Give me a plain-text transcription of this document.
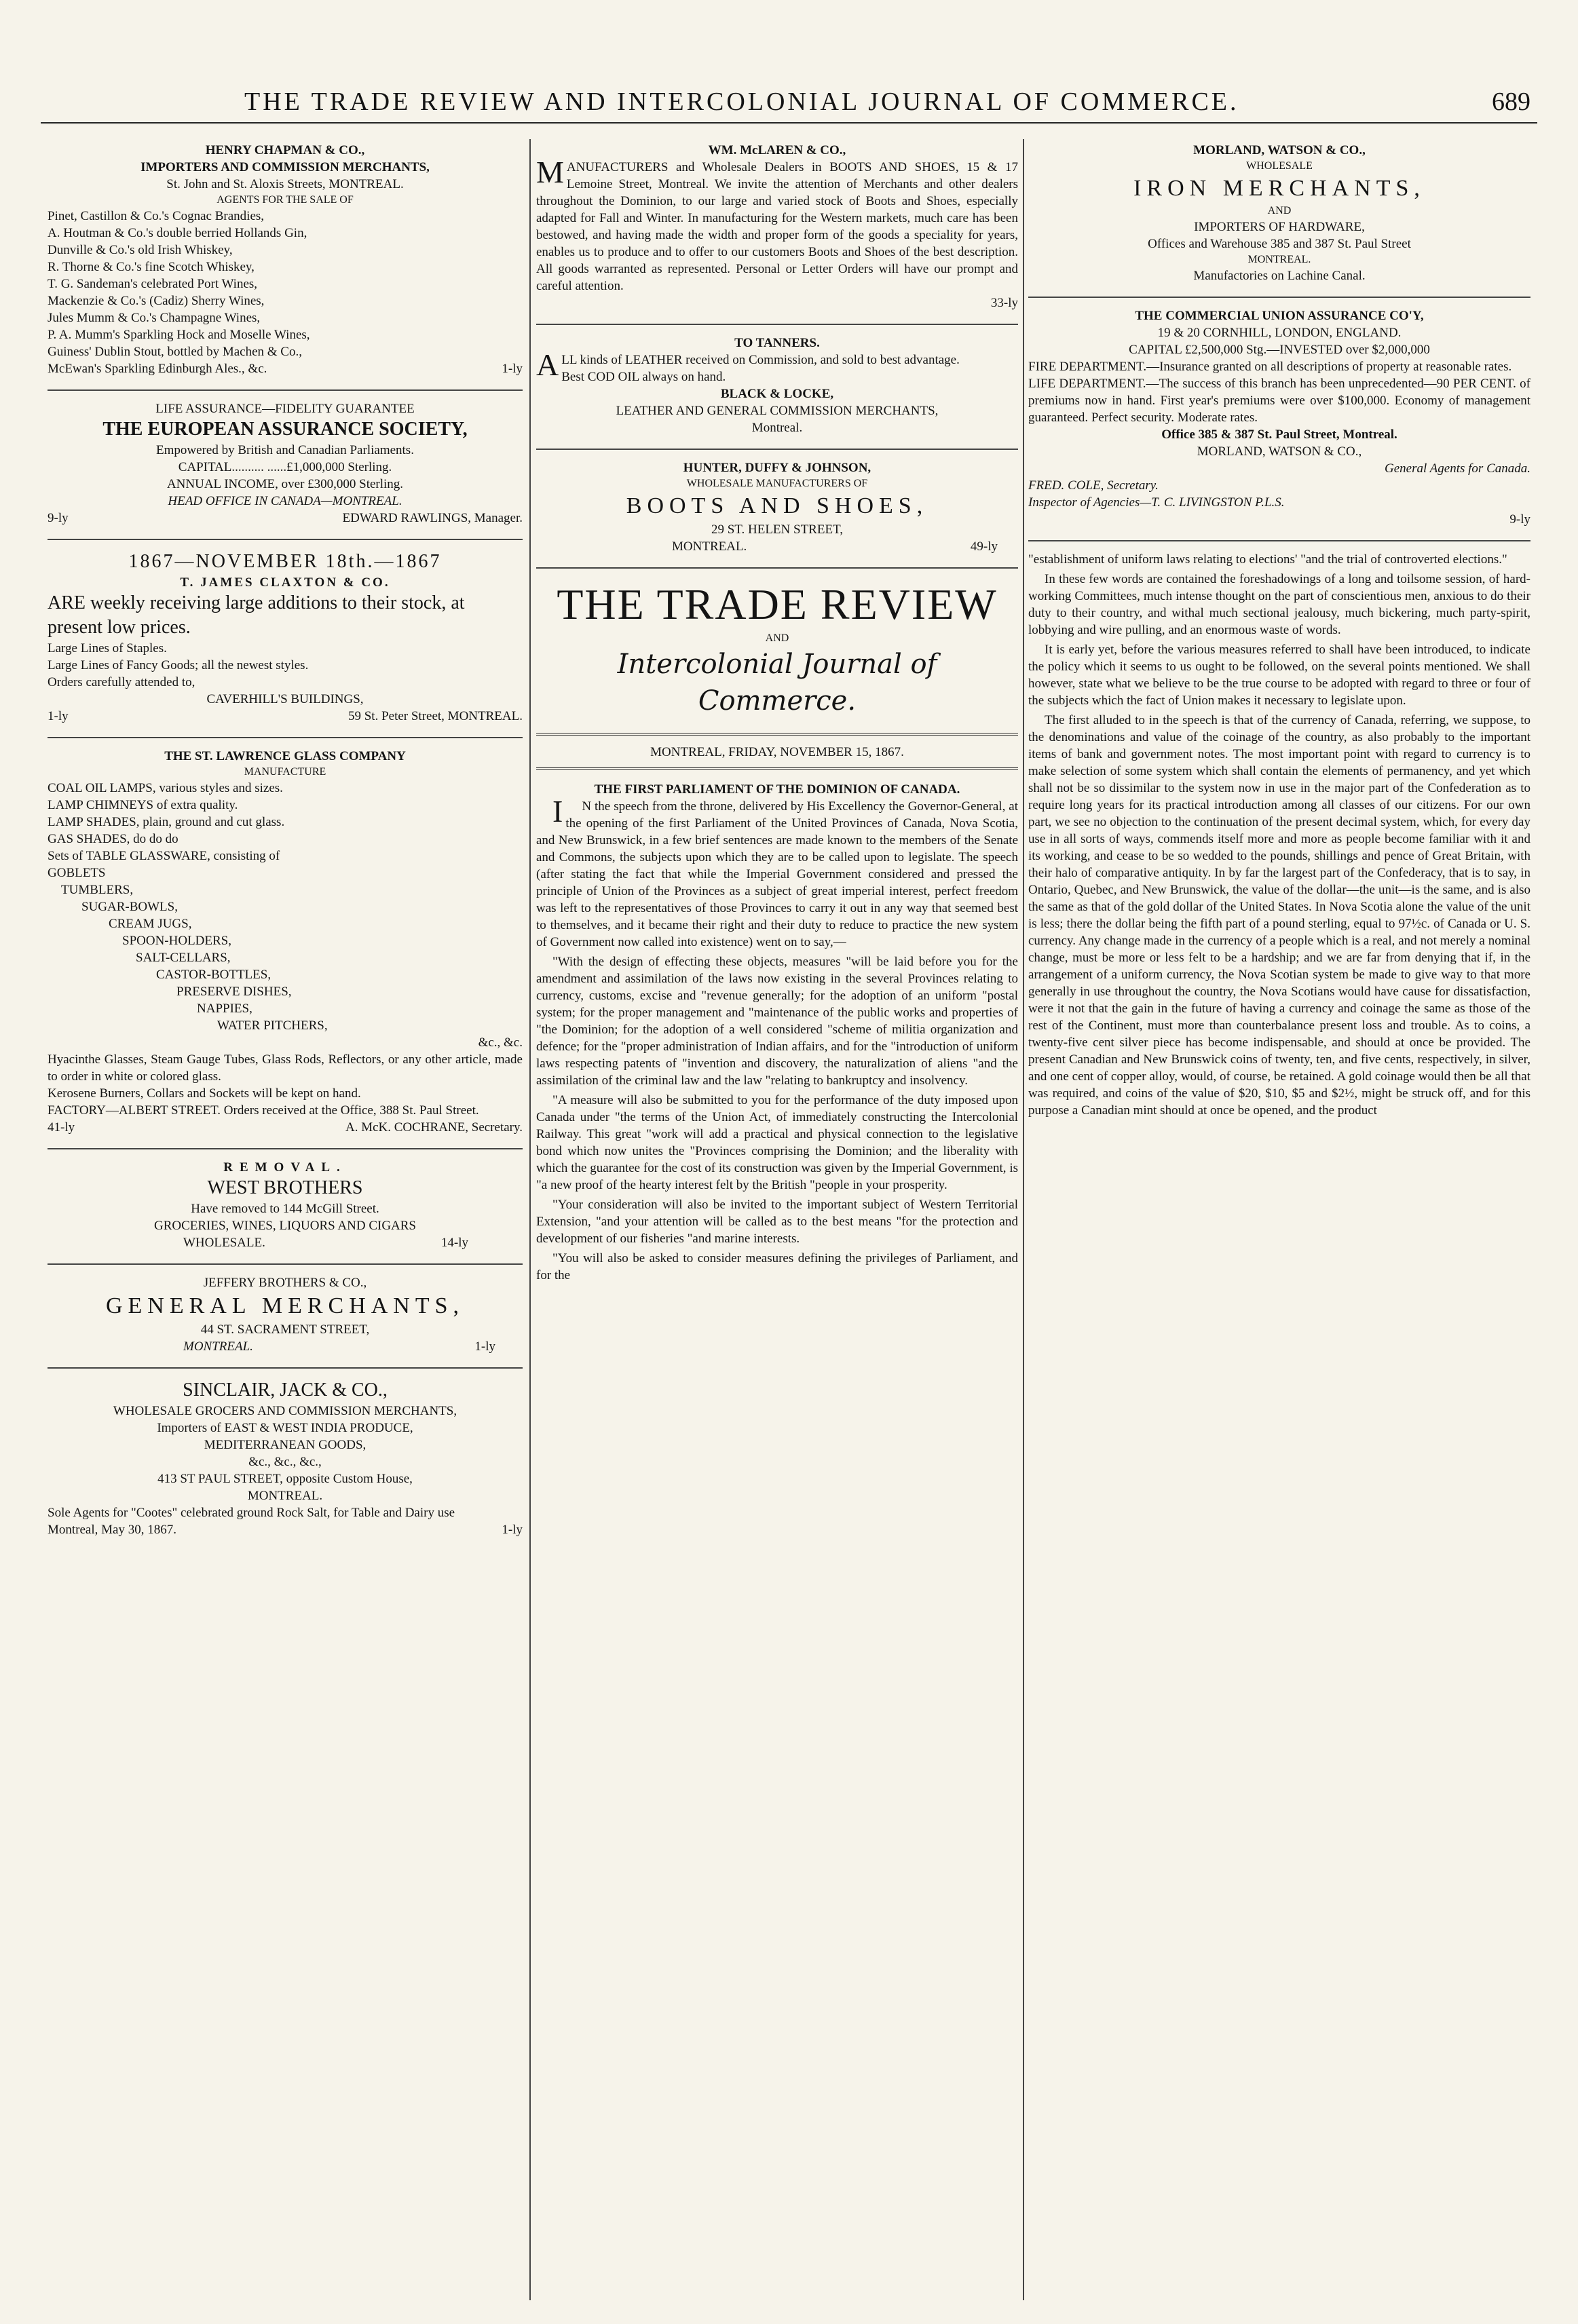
THE TRADE REVIEW AND INTERCOLONIAL JOURNAL OF COMMERCE.	689
HENRY CHAPMAN & CO.,
IMPORTERS AND COMMISSION MERCHANTS,
St. John and St. Aloxis Streets, MONTREAL.
AGENTS FOR THE SALE OF
Pinet, Castillon & Co.'s Cognac Brandies,
A. Houtman & Co.'s double berried Hollands Gin,
Dunville & Co.'s old Irish Whiskey,
R. Thorne & Co.'s fine Scotch Whiskey,
T. G. Sandeman's celebrated Port Wines,
Mackenzie & Co.'s (Cadiz) Sherry Wines,
Jules Mumm & Co.'s Champagne Wines,
P. A. Mumm's Sparkling Hock and Moselle Wines,
Guiness' Dublin Stout, bottled by Machen & Co.,
McEwan's Sparkling Edinburgh Ales., &c.	1-ly
LIFE ASSURANCE—FIDELITY GUARANTEE
THE EUROPEAN ASSURANCE SOCIETY,
Empowered by British and Canadian Parliaments.
CAPITAL.......... ......£1,000,000 Sterling.
ANNUAL INCOME, over £300,000 Sterling.
HEAD OFFICE IN CANADA—MONTREAL.
9-ly	EDWARD RAWLINGS, Manager.
1867—NOVEMBER 18th.—1867
T. JAMES CLAXTON & CO.
ARE weekly receiving large additions to their stock, at present low prices.
Large Lines of Staples.
Large Lines of Fancy Goods; all the newest styles.
Orders carefully attended to,
CAVERHILL'S BUILDINGS,
1-ly	59 St. Peter Street, MONTREAL.
THE ST. LAWRENCE GLASS COMPANY
MANUFACTURE
COAL OIL LAMPS, various styles and sizes.
LAMP CHIMNEYS of extra quality.
LAMP SHADES, plain, ground and cut glass.
GAS SHADES, do do do
Sets of TABLE GLASSWARE, consisting of
GOBLETS
TUMBLERS,
SUGAR-BOWLS,
CREAM JUGS,
SPOON-HOLDERS,
SALT-CELLARS,
CASTOR-BOTTLES,
PRESERVE DISHES,
NAPPIES,
WATER PITCHERS,
&c., &c.
Hyacinthe Glasses, Steam Gauge Tubes, Glass Rods, Reflectors, or any other article, made to order in white or colored glass.
Kerosene Burners, Collars and Sockets will be kept on hand.
FACTORY—ALBERT STREET. Orders received at the Office, 388 St. Paul Street.
41-ly	A. McK. COCHRANE, Secretary.
REMOVAL.
WEST BROTHERS
Have removed to 144 McGill Street.
GROCERIES, WINES, LIQUORS AND CIGARS
WHOLESALE.	14-ly
JEFFERY BROTHERS & CO.,
GENERAL MERCHANTS,
44 ST. SACRAMENT STREET,
MONTREAL.	1-ly
SINCLAIR, JACK & CO.,
WHOLESALE GROCERS AND COMMISSION MERCHANTS,
Importers of EAST & WEST INDIA PRODUCE,
MEDITERRANEAN GOODS,
&c., &c., &c.,
413 ST PAUL STREET, opposite Custom House,
MONTREAL.
Sole Agents for "Cootes" celebrated ground Rock Salt, for Table and Dairy use
Montreal, May 30, 1867.	1-ly
WM. McLAREN & CO.,
MANUFACTURERS and Wholesale Dealers in BOOTS AND SHOES, 15 & 17 Lemoine Street, Montreal. We invite the attention of Merchants and other dealers throughout the Dominion, to our large and varied stock of Boots and Shoes, especially adapted for Fall and Winter. In manufacturing for the Western markets, much care has been bestowed, and having made the width and proper form of the goods a speciality for years, enables us to produce and to offer to our customers Boots and Shoes of the best description. All goods warranted as represented. Personal or Letter Orders will have our prompt and careful attention.
33-ly
TO TANNERS.
ALL kinds of LEATHER received on Commission, and sold to best advantage.
Best COD OIL always on hand.
BLACK & LOCKE,
LEATHER AND GENERAL COMMISSION MERCHANTS,
Montreal.
HUNTER, DUFFY & JOHNSON,
WHOLESALE MANUFACTURERS OF
BOOTS AND SHOES,
29 ST. HELEN STREET,
MONTREAL.	49-ly
THE TRADE REVIEW
AND
Intercolonial Journal of Commerce.
MONTREAL, FRIDAY, NOVEMBER 15, 1867.
THE FIRST PARLIAMENT OF THE DOMINION OF CANADA.

IN the speech from the throne, delivered by His Excellency the Governor-General, at the opening of the first Parliament of the United Provinces of Canada, Nova Scotia, and New Brunswick, in a few brief sentences are made known to the members of the Senate and Commons, the subjects upon which they are to be called upon to legislate. The speech (after stating the fact that while the Imperial Government considered and pressed the principle of Union of the Provinces as a subject of great imperial interest, perfect freedom was left to the representatives of those Provinces to carry it out in any way that seemed best to themselves, and it became their right and their duty to reduce to practice the new system of Government now called into existence) went on to say,—

"With the design of effecting these objects, measures "will be laid before you for the amendment and assimilation of the laws now existing in the several Provinces relating to currency, customs, excise and "revenue generally; for the adoption of an uniform "postal system; for the proper management and "maintenance of the public works and properties of "the Dominion; for the adoption of a well considered "scheme of militia organization and defence; for the "proper administration of Indian affairs, and for the "introduction of uniform laws respecting patents of "invention and discovery, the naturalization of aliens "and the assimilation of the criminal law and the law "relating to bankruptcy and insolvency.

"A measure will also be submitted to you for the performance of the duty imposed upon Canada under "the terms of the Union Act, of immediately constructing the Intercolonial Railway. This great "work will add a practical and physical connection to the legislative bond which now unites the "Provinces comprising the Dominion; and the liberality with which the guarantee for the cost of its construction was given by the Imperial Government, is "a new proof of the hearty interest felt by the British "people in your prosperity.

"Your consideration will also be invited to the important subject of Western Territorial Extension, "and your attention will be called as to the best means "for the protection and development of our fisheries "and marine interests.

"You will also be asked to consider measures defining the privileges of Parliament, and for the

MORLAND, WATSON & CO.,
WHOLESALE
IRON MERCHANTS,
AND
IMPORTERS OF HARDWARE,
Offices and Warehouse 385 and 387 St. Paul Street
MONTREAL.
Manufactories on Lachine Canal.
THE COMMERCIAL UNION ASSURANCE CO'Y,
19 & 20 CORNHILL, LONDON, ENGLAND.
CAPITAL £2,500,000 Stg.—INVESTED over $2,000,000
FIRE DEPARTMENT.—Insurance granted on all descriptions of property at reasonable rates.
LIFE DEPARTMENT.—The success of this branch has been unprecedented—90 PER CENT. of premiums now in hand. First year's premiums were over $100,000. Economy of management guaranteed. Perfect security. Moderate rates.
Office 385 & 387 St. Paul Street, Montreal.
MORLAND, WATSON & CO.,
General Agents for Canada.
FRED. COLE, Secretary.
Inspector of Agencies—T. C. LIVINGSTON P.L.S.
9-ly

"establishment of uniform laws relating to elections' "and the trial of controverted elections."

In these few words are contained the foreshadowings of a long and toilsome session, of hard-working Committees, much intense thought on the part of conscientious men, anxious to do their duty to their country, and withal much sectional jealousy, much bickering, much party-spirit, lobbying and wire pulling, and an enormous waste of words.

It is early yet, before the various measures referred to shall have been introduced, to indicate the policy which it seems to us ought to be followed, on the several points mentioned. We shall however, state what we believe to be the true course to be adopted with regard to three or four of the subjects which the fact of Union makes it necessary to legislate upon.

The first alluded to in the speech is that of the currency of Canada, referring, we suppose, to the denominations and value of the coinage of the country, as also probably to the important items of bank and government notes. The most important point with regard to currency is to make selection of some system which shall contain the elements of permanency, and yet which shall not be so dissimilar to the system now in use in the major part of the Confederation as to require long years for its practical introduction among all classes of our citizens. For our own part, we see no objection to the continuation of the present decimal system, which, for every day use in all sorts of ways, commends itself more and more as people become familiar with it and its working, and cease to be so wedded to the pounds, shillings and pence of Great Britain, with their halo of comparative antiquity. In by far the largest part of the Confederacy, that is to say, in Ontario, Quebec, and New Brunswick, the value of the dollar—the unit—is the same, and is also the same as that of the gold dollar of the United States. In Nova Scotia alone the value of the unit is less; there the dollar being the fifth part of a pound sterling, equal to 97½c. of Canada or U. S. currency. Any change made in the currency of a people which is a real, and not merely a nominal change, must be more or less felt to be a hardship; and we are far from denying that if, in the arrangement of a uniform currency, the Nova Scotian system be made to give way to that more generally in use throughout the country, the Nova Scotians would have cause for dissatisfaction, were it not that the gain in the future of having a currency and coinage the same as those of the rest of the Continent, must more than counterbalance present loss and trouble. As to coins, a twenty-five cent silver piece has become indispensable, and should at once be provided. The present Canadian and New Brunswick coins of twenty, ten, and five cents, respectively, in silver, and one cent of copper alloy, would, of course, be retained. A gold coinage would then be all that was required, and coins of the value of $20, $10, $5 and $2½, might be struck off, and for this purpose a Canadian mint should at once be opened, and the product
